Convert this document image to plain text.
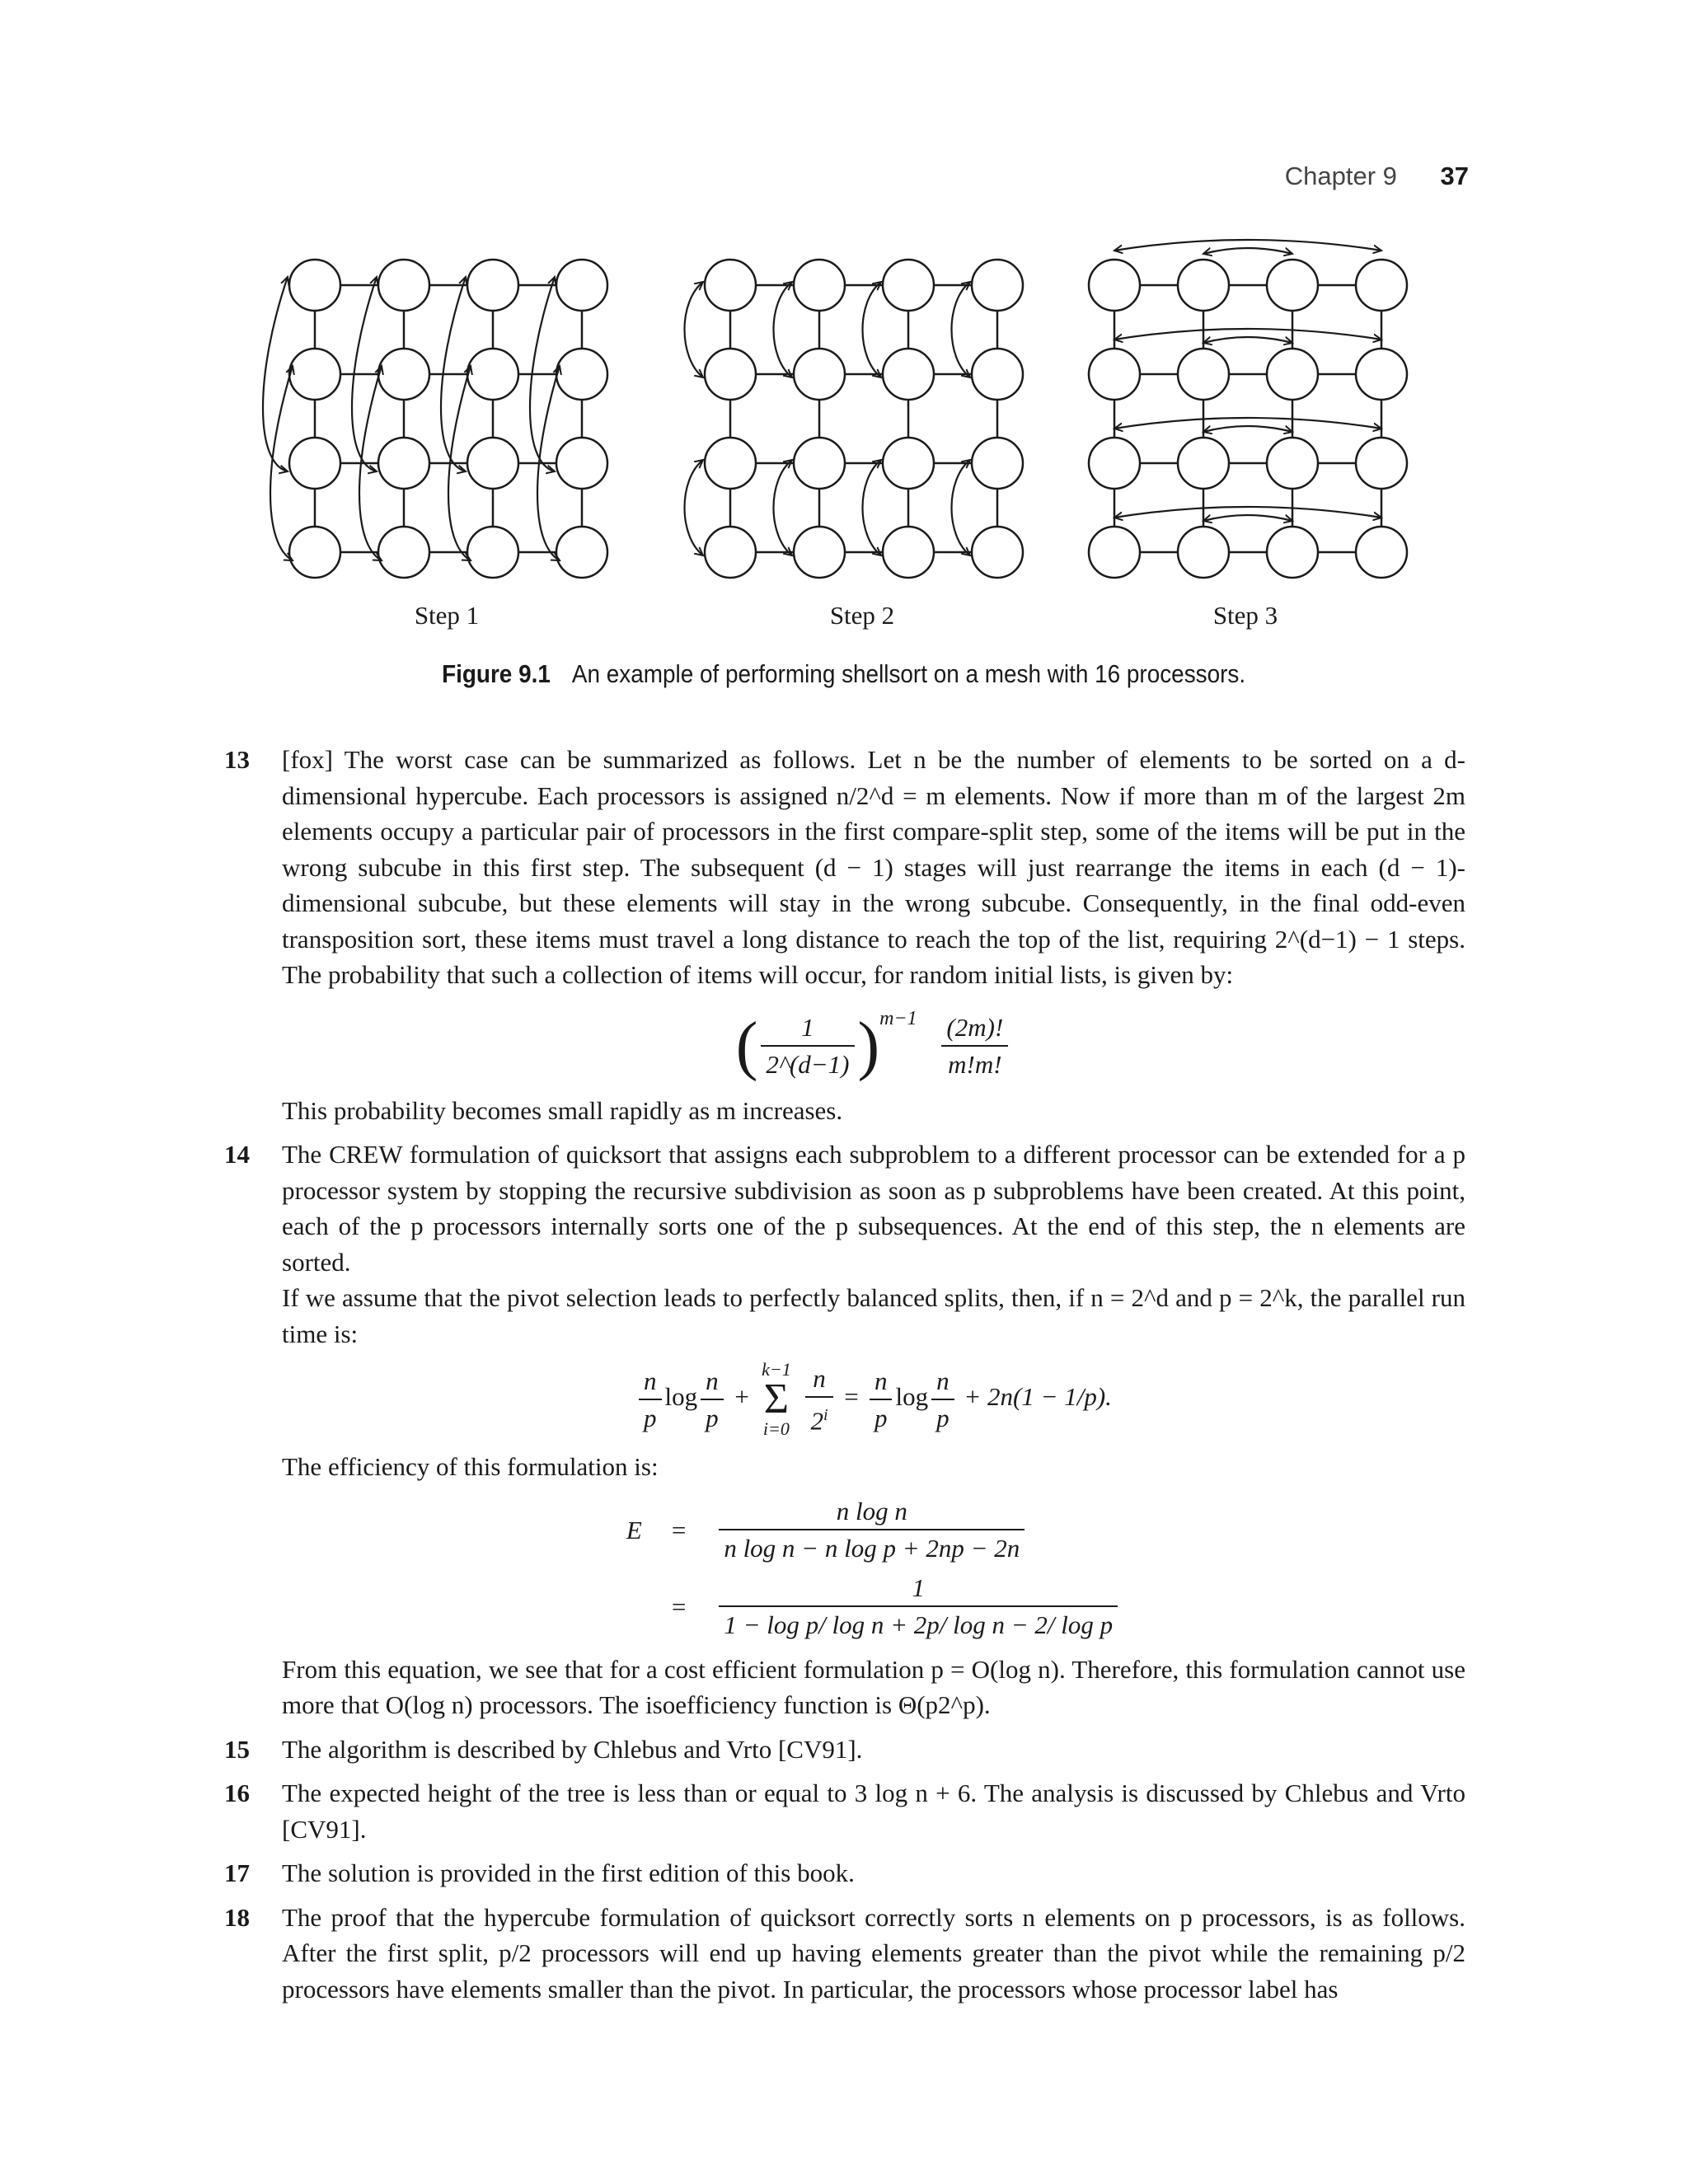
Chapter 9 37
Step 1	Step 2	Step 3
Figure 9.1 An example of performing shellsort on a mesh with 16 processors.
13 [fox] The worst case can be summarized as follows. Let n be the number of elements to be sorted on a d-dimensional hypercube. Each processors is assigned n/2^d = m elements. Now if more than m of the largest 2m elements occupy a particular pair of processors in the first compare-split step, some of the items will be put in the wrong subcube in this first step. The subsequent (d − 1) stages will just rearrange the items in each (d − 1)-dimensional subcube, but these elements will stay in the wrong subcube. Consequently, in the final odd-even transposition sort, these items must travel a long distance to reach the top of the list, requiring 2^(d−1) − 1 steps. The probability that such a collection of items will occur, for random initial lists, is given by:

( $\frac{1}{2\^{}(d-1)} )^{m-1} \frac{(2m)!}{m!m!}$

This probability becomes small rapidly as m increases.

14 The CREW formulation of quicksort that assigns each subproblem to a different processor can be extended for a p processor system by stopping the recursive subdivision as soon as p subproblems have been created. At this point, each of the p processors internally sorts one of the p subsequences. At the end of this step, the n elements are sorted.

If we assume that the pivot selection leads to perfectly balanced splits, then, if n = 2^d and p = 2^k, the parallel run time is:

$\frac{n}{p}$ $\log \frac{n}{p} + k-1$
Σ
$i=0 \frac{n}{2^i} = \frac{n}{p}$ $\log \frac{n}{p} + 2n(1 - 1/p)$.

The efficiency of this formulation is:

E	=	$\frac{\text{n log n}}{\text{n log n − n log p + 2np − 2n}}$

	=	$\frac{1}{\text{1 − log p/ log n + 2p/ log n − 2/ log p}}$

From this equation, we see that for a cost efficient formulation p = O(log n). Therefore, this formulation cannot use more that O(log n) processors. The isoefficiency function is Θ(p2^p).

15 The algorithm is described by Chlebus and Vrto [CV91].

16 The expected height of the tree is less than or equal to 3 log n + 6. The analysis is discussed by Chlebus and Vrto [CV91].

17 The solution is provided in the first edition of this book.

18 The proof that the hypercube formulation of quicksort correctly sorts n elements on p processors, is as follows. After the first split, p/2 processors will end up having elements greater than the pivot while the remaining p/2 processors have elements smaller than the pivot. In particular, the processors whose processor label has
